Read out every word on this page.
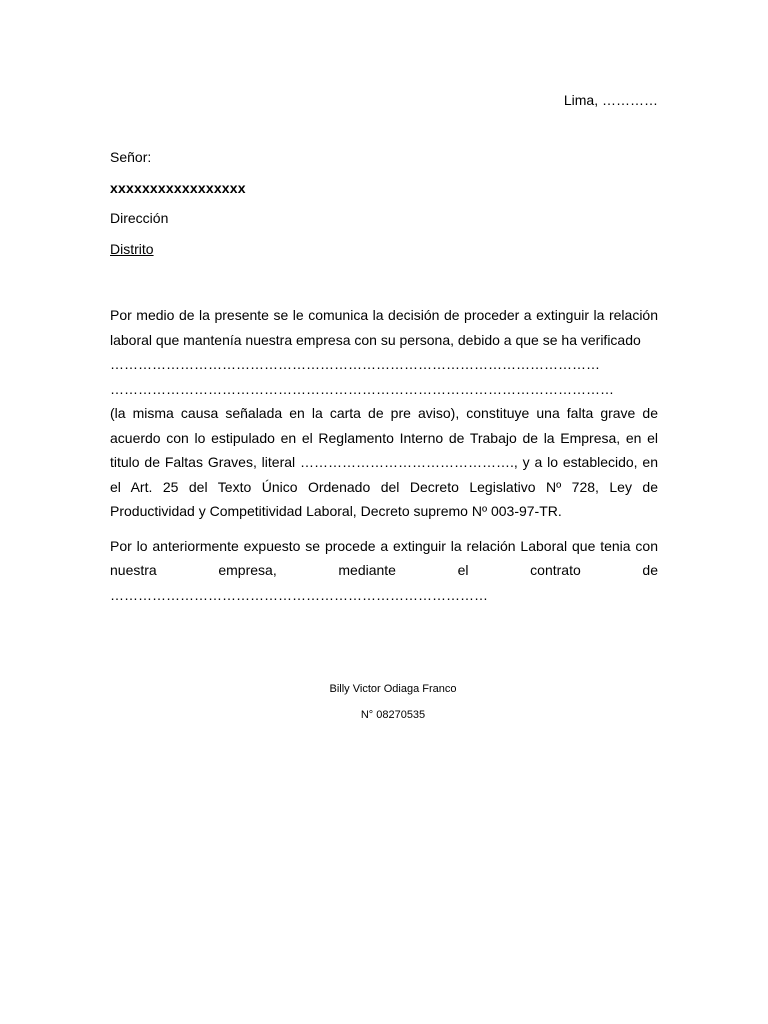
Lima, …………
Señor:
xxxxxxxxxxxxxxxxx
Dirección
Distrito

Por medio de la presente se le comunica la decisión de proceder a extinguir la relación laboral que mantenía nuestra empresa con su persona, debido a que se ha verificado
……………………………………………………………………………………………
………………………………………………………………………………………………
(la misma causa señalada en la carta de pre aviso), constituye una falta grave de acuerdo con lo estipulado en el Reglamento Interno de Trabajo de la Empresa, en el titulo de Faltas Graves, literal ………………………………………., y a lo establecido, en el Art. 25 del Texto Único Ordenado del Decreto Legislativo Nº 728, Ley de Productividad y Competitividad Laboral, Decreto supremo Nº 003-97-TR.

Por lo anteriormente expuesto se procede a extinguir la relación Laboral que tenia con nuestra empresa, mediante el contrato de
………………………………………………………………………

Billy Victor Odiaga Franco
N° 08270535
